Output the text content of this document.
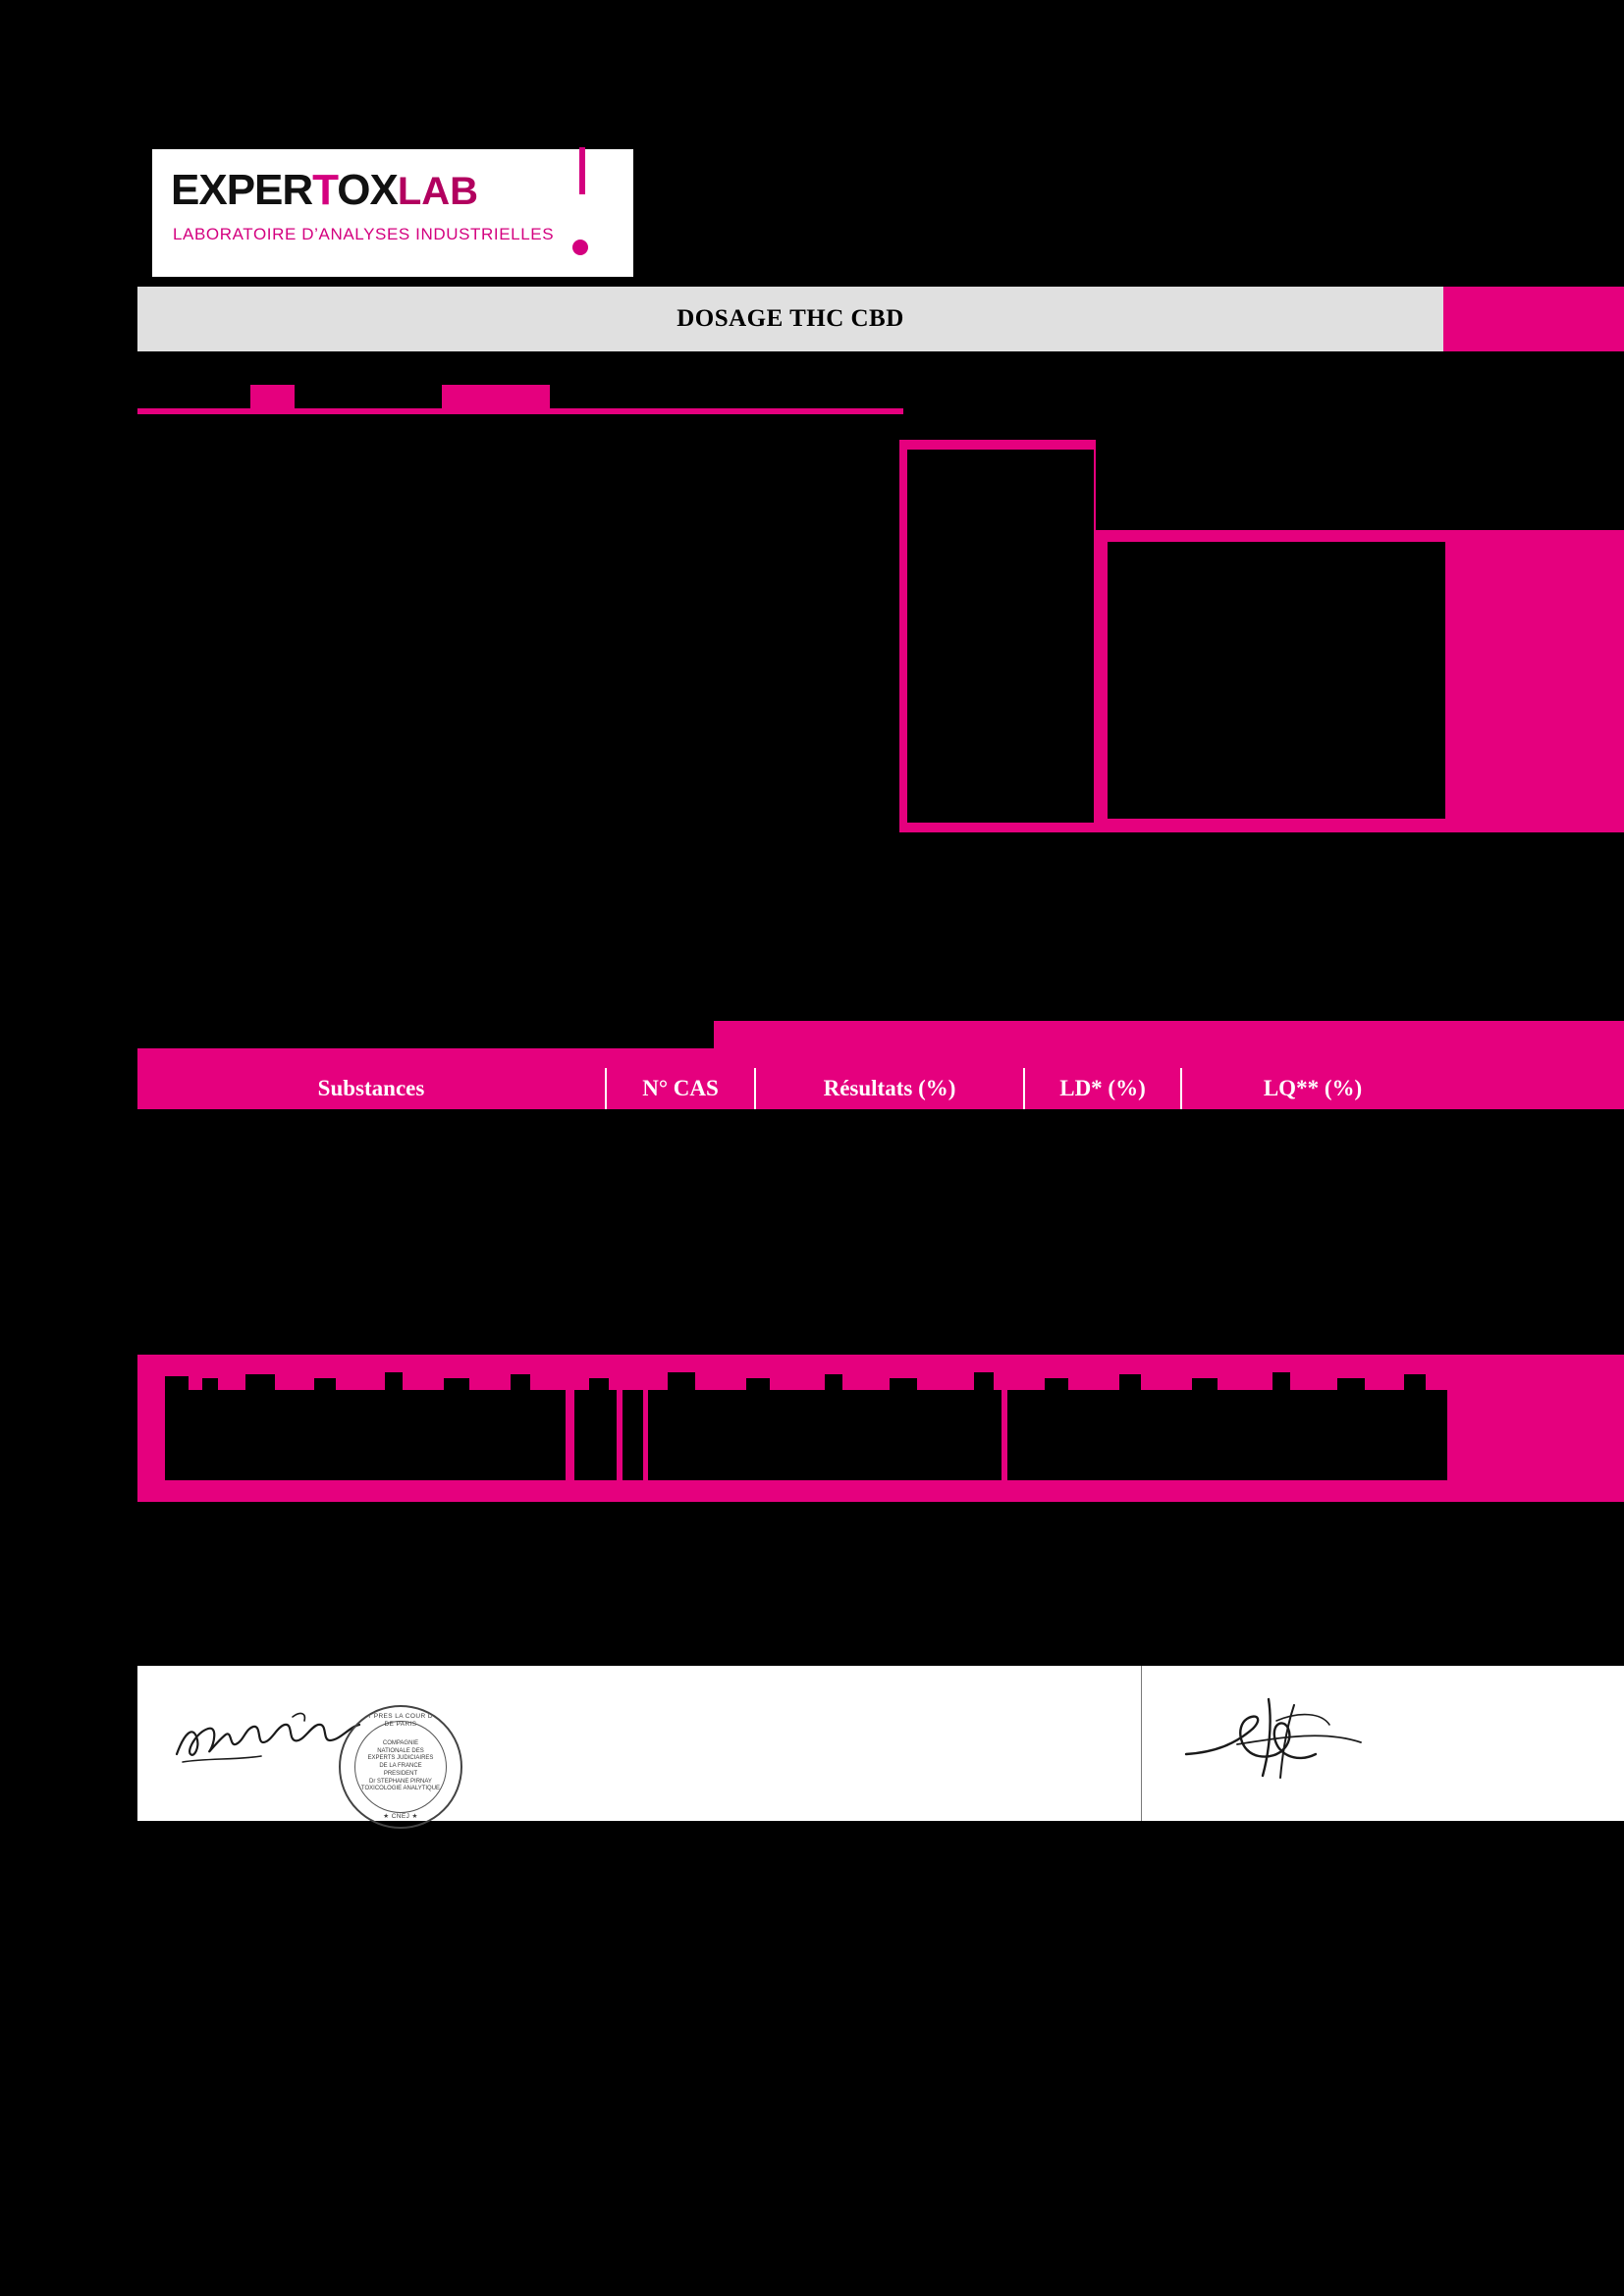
EXPERTOXLAB
LABORATOIRE D’ANALYSES INDUSTRIELLES
DOSAGE THC CBD
Substances	N° CAS	Résultats (%)	LD* (%)	LQ** (%)
EXPERT PRES LA COUR D’APPEL DE PARIS
COMPAGNIE
NATIONALE DES
EXPERTS JUDICIAIRES
DE LA FRANCE
PRESIDENT
Dr STEPHANE PIRNAY
TOXICOLOGIE ANALYTIQUE
★ CNEJ ★
